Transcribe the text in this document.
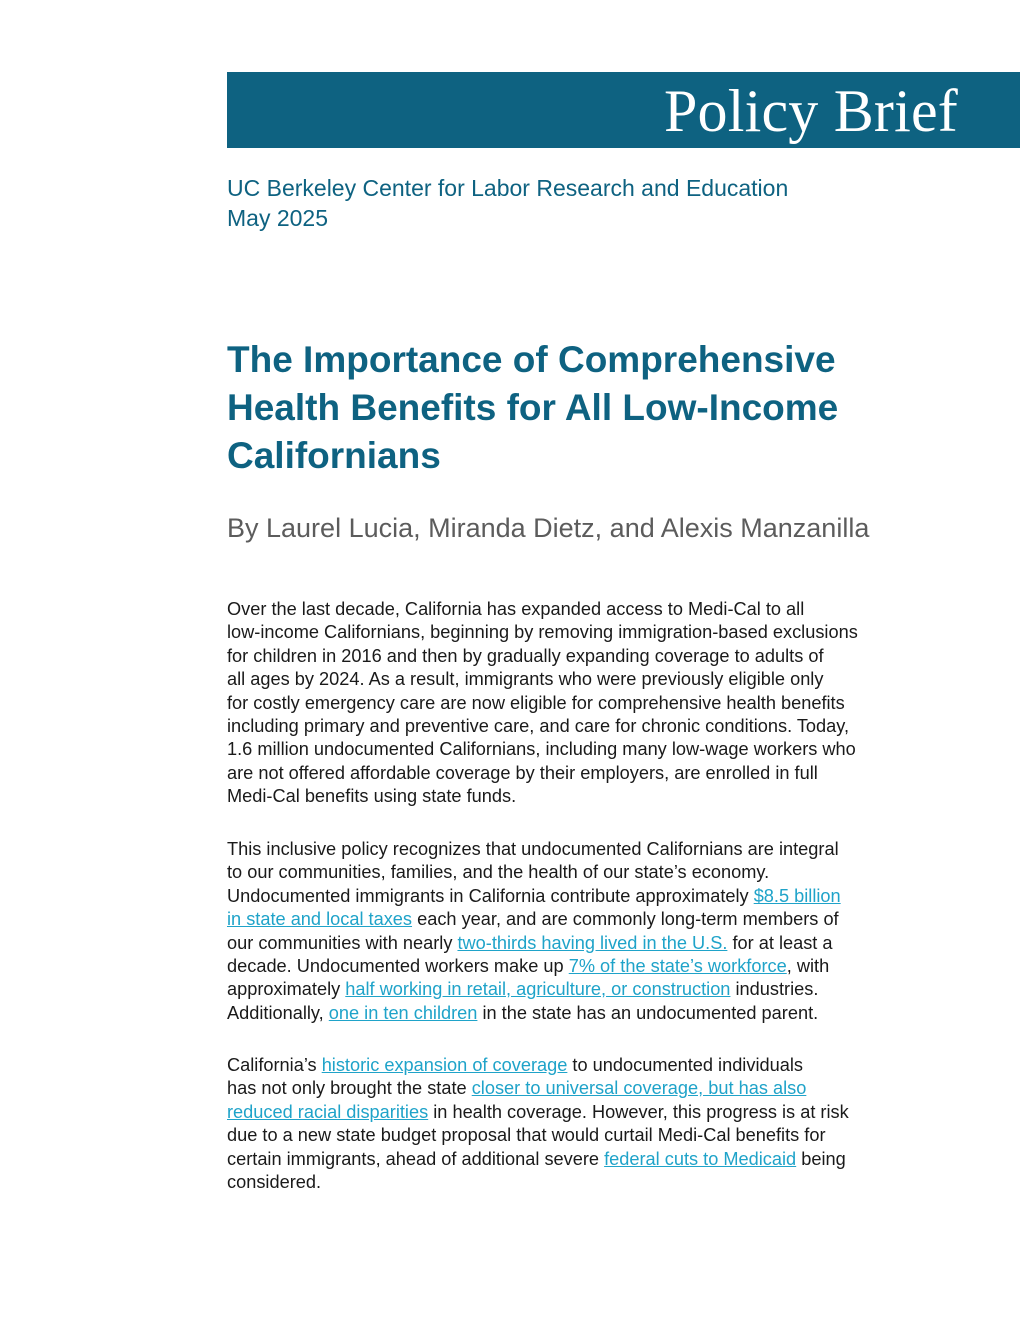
Policy Brief
UC Berkeley Center for Labor Research and Education
May 2025
The Importance of Comprehensive
Health Benefits for All Low-Income
Californians
By Laurel Lucia, Miranda Dietz, and Alexis Manzanilla
Over the last decade, California has expanded access to Medi-Cal to all
low-income Californians, beginning by removing immigration-based exclusions
for children in 2016 and then by gradually expanding coverage to adults of
all ages by 2024. As a result, immigrants who were previously eligible only
for costly emergency care are now eligible for comprehensive health benefits
including primary and preventive care, and care for chronic conditions. Today,
1.6 million undocumented Californians, including many low-wage workers who
are not offered affordable coverage by their employers, are enrolled in full
Medi-Cal benefits using state funds.
This inclusive policy recognizes that undocumented Californians are integral
to our communities, families, and the health of our state’s economy.
Undocumented immigrants in California contribute approximately $8.5 billion
in state and local taxes each year, and are commonly long-term members of
our communities with nearly two-thirds having lived in the U.S. for at least a
decade. Undocumented workers make up 7% of the state’s workforce, with
approximately half working in retail, agriculture, or construction industries.
Additionally, one in ten children in the state has an undocumented parent.
California’s historic expansion of coverage to undocumented individuals
has not only brought the state closer to universal coverage, but has also
reduced racial disparities in health coverage. However, this progress is at risk
due to a new state budget proposal that would curtail Medi-Cal benefits for
certain immigrants, ahead of additional severe federal cuts to Medicaid being
considered.
